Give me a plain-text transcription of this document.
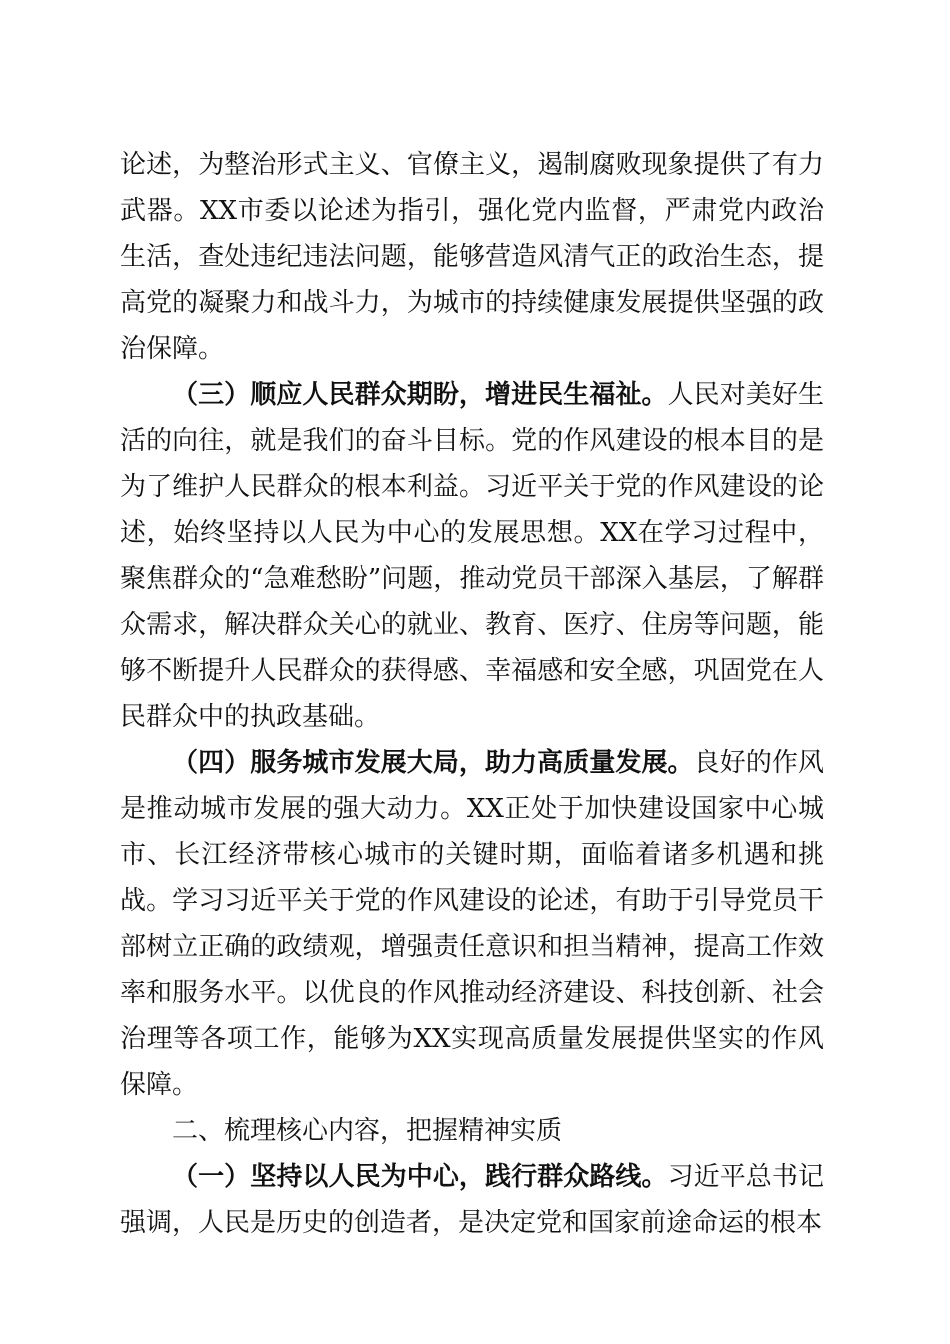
论述，为整治形式主义、官僚主义，遏制腐败现象提供了有力武器。XX市委以论述为指引，强化党内监督，严肃党内政治生活，查处违纪违法问题，能够营造风清气正的政治生态，提高党的凝聚力和战斗力，为城市的持续健康发展提供坚强的政治保障。

（三）顺应人民群众期盼，增进民生福祉。人民对美好生活的向往，就是我们的奋斗目标。党的作风建设的根本目的是为了维护人民群众的根本利益。习近平关于党的作风建设的论述，始终坚持以人民为中心的发展思想。XX在学习过程中，聚焦群众的“急难愁盼”问题，推动党员干部深入基层，了解群众需求，解决群众关心的就业、教育、医疗、住房等问题，能够不断提升人民群众的获得感、幸福感和安全感，巩固党在人民群众中的执政基础。

（四）服务城市发展大局，助力高质量发展。良好的作风是推动城市发展的强大动力。XX正处于加快建设国家中心城市、长江经济带核心城市的关键时期，面临着诸多机遇和挑战。学习习近平关于党的作风建设的论述，有助于引导党员干部树立正确的政绩观，增强责任意识和担当精神，提高工作效率和服务水平。以优良的作风推动经济建设、科技创新、社会治理等各项工作，能够为XX实现高质量发展提供坚实的作风保障。

二、梳理核心内容，把握精神实质

（一）坚持以人民为中心，践行群众路线。习近平总书记强调，人民是历史的创造者，是决定党和国家前途命运的根本
